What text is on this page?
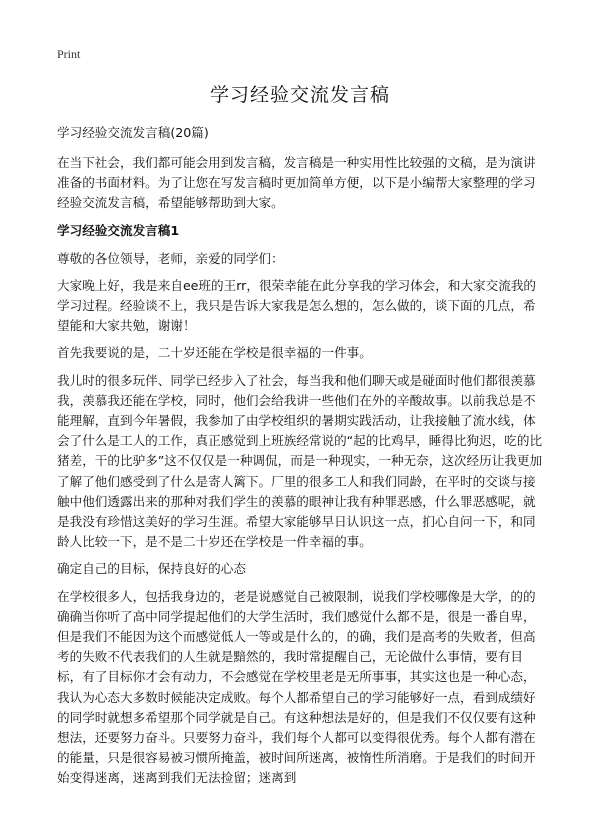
Print
学习经验交流发言稿
学习经验交流发言稿(20篇)

在当下社会，我们都可能会用到发言稿，发言稿是一种实用性比较强的文稿，是为演讲准备的书面材料。为了让您在写发言稿时更加简单方便，以下是小编帮大家整理的学习经验交流发言稿，希望能够帮助到大家。

学习经验交流发言稿1

尊敬的各位领导，老师，亲爱的同学们：

大家晚上好，我是来自ee班的王rr，很荣幸能在此分享我的学习体会，和大家交流我的学习过程。经验谈不上，我只是告诉大家我是怎么想的，怎么做的，谈下面的几点，希望能和大家共勉，谢谢！

首先我要说的是，二十岁还能在学校是很幸福的一件事。

我儿时的很多玩伴、同学已经步入了社会，每当我和他们聊天或是碰面时他们都很羡慕我，羡慕我还能在学校，同时，他们会给我讲一些他们在外的辛酸故事。以前我总是不能理解，直到今年暑假，我参加了由学校组织的暑期实践活动，让我接触了流水线，体会了什么是工人的工作，真正感觉到上班族经常说的“起的比鸡早，睡得比狗迟，吃的比猪差，干的比驴多”这不仅仅是一种调侃，而是一种现实，一种无奈，这次经历让我更加了解了他们感受到了什么是寄人篱下。厂里的很多工人和我们同龄，在平时的交谈与接触中他们透露出来的那种对我们学生的羡慕的眼神让我有种罪恶感，什么罪恶感呢，就是我没有珍惜这美好的学习生涯。希望大家能够早日认识这一点，扪心自问一下，和同龄人比较一下，是不是二十岁还在学校是一件幸福的事。

确定自己的目标，保持良好的心态

在学校很多人，包括我身边的，老是说感觉自己被限制，说我们学校哪像是大学，的的确确当你听了高中同学提起他们的大学生活时，我们感觉什么都不是，很是一番自卑，但是我们不能因为这个而感觉低人一等或是什么的，的确，我们是高考的失败者，但高考的失败不代表我们的人生就是黯然的，我时常提醒自己，无论做什么事情，要有目标，有了目标你才会有动力，不会感觉在学校里老是无所事事，其实这也是一种心态，我认为心态大多数时候能决定成败。每个人都希望自己的学习能够好一点，看到成绩好的同学时就想多希望那个同学就是自己。有这种想法是好的，但是我们不仅仅要有这种想法，还要努力奋斗。只要努力奋斗，我们每个人都可以变得很优秀。每个人都有潜在的能量，只是很容易被习惯所掩盖，被时间所迷离，被惰性所消磨。于是我们的时间开始变得迷离，迷离到我们无法捡留；迷离到
